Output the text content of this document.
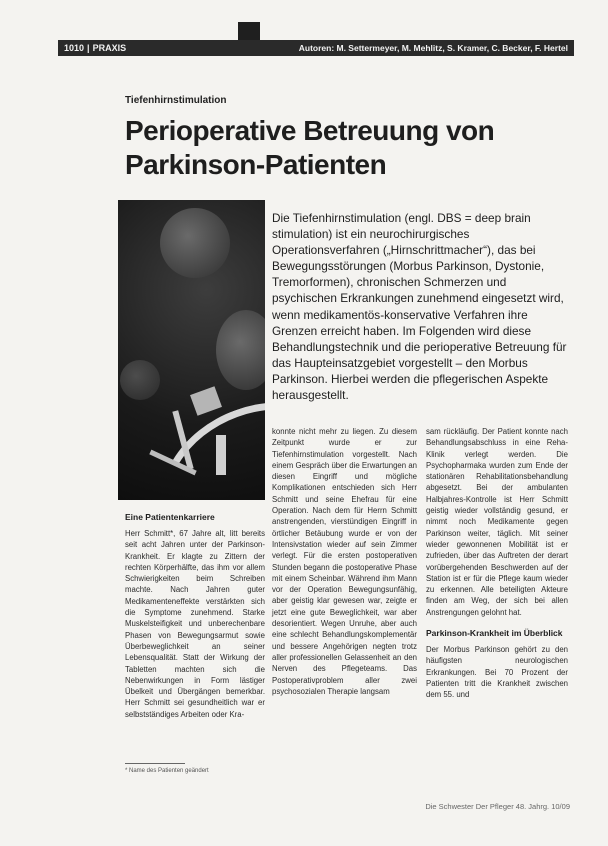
1010 | PRAXIS	Autoren: M. Settermeyer, M. Mehlitz, S. Kramer, C. Becker, F. Hertel
Tiefenhirnstimulation
Perioperative Betreuung von Parkinson-Patienten
Die Tiefenhirnstimulation (engl. DBS = deep brain stimulation) ist ein neurochirurgisches Operationsverfahren („Hirnschrittmacher“), das bei Bewegungsstörungen (Morbus Parkinson, Dystonie, Tremorformen), chronischen Schmerzen und psychischen Erkrankungen zunehmend eingesetzt wird, wenn medikamentös-konservative Verfahren ihre Grenzen erreicht haben. Im Folgenden wird diese Behandlungstechnik und die perioperative Betreuung für das Haupteinsatzgebiet vorgestellt – den Morbus Parkinson. Hierbei werden die pflegerischen Aspekte herausgestellt.
Eine Patientenkarriere

Herr Schmitt*, 67 Jahre alt, litt bereits seit acht Jahren unter der Parkinson-Krankheit. Er klagte zu Zittern der rechten Körperhälfte, das ihm vor allem Schwierigkeiten beim Schreiben machte. Nach Jahren guter Medikamenteneffekte verstärkten sich die Symptome zunehmend. Starke Muskelsteifigkeit und unberechenbare Phasen von Bewegungsarmut sowie Überbeweglichkeit an seiner Lebensqualität. Statt der Wirkung der Tabletten machten sich die Nebenwirkungen in Form lästiger Übelkeit und Übergängen bemerkbar. Herr Schmitt sei gesundheitlich war er selbstständiges Arbeiten oder Kra-

konnte nicht mehr zu liegen. Zu diesem Zeitpunkt wurde er zur Tiefenhirnstimulation vorgestellt. Nach einem Gespräch über die Erwartungen an diesen Eingriff und mögliche Komplikationen entschieden sich Herr Schmitt und seine Ehefrau für eine Operation. Nach dem für Herrn Schmitt anstrengenden, vierstündigen Eingriff in örtlicher Betäubung wurde er von der Intensivstation wieder auf sein Zimmer verlegt. Für die ersten postoperativen Stunden begann die postoperative Phase mit einem Scheinbar. Während ihm Mann vor der Operation Bewegungsunfähig, aber geistig klar gewesen war, zeigte er jetzt eine gute Beweglichkeit, war aber desorientiert. Wegen Unruhe, aber auch eine schlecht Behandlungskomplementär und bessere Angehörigen negten trotz aller professionellen Gelassenheit an den Nerven des Pflegeteams. Das Postoperativproblem aller zwei psychosozialen Therapie langsam

sam rückläufig. Der Patient konnte nach Behandlungsabschluss in eine Reha-Klinik verlegt werden. Die Psychopharmaka wurden zum Ende der stationären Rehabilitationsbehandlung abgesetzt. Bei der ambulanten Halbjahres-Kontrolle ist Herr Schmitt geistig wieder vollständig gesund, er nimmt noch Medikamente gegen Parkinson weiter, täglich. Mit seiner wieder gewonnenen Mobilität ist er zufrieden, über das Auftreten der derart vorübergehenden Beschwerden auf der Station ist er für die Pflege kaum wieder zu erkennen. Alle beteiligten Akteure finden am Weg, der sich bei allen Anstrengungen gelohnt hat.

Parkinson-Krankheit im Überblick

Der Morbus Parkinson gehört zu den häufigsten neurologischen Erkrankungen. Bei 70 Prozent der Patienten tritt die Krankheit zwischen dem 55. und

* Name des Patienten geändert
Die Schwester Der Pfleger 48. Jahrg. 10/09
